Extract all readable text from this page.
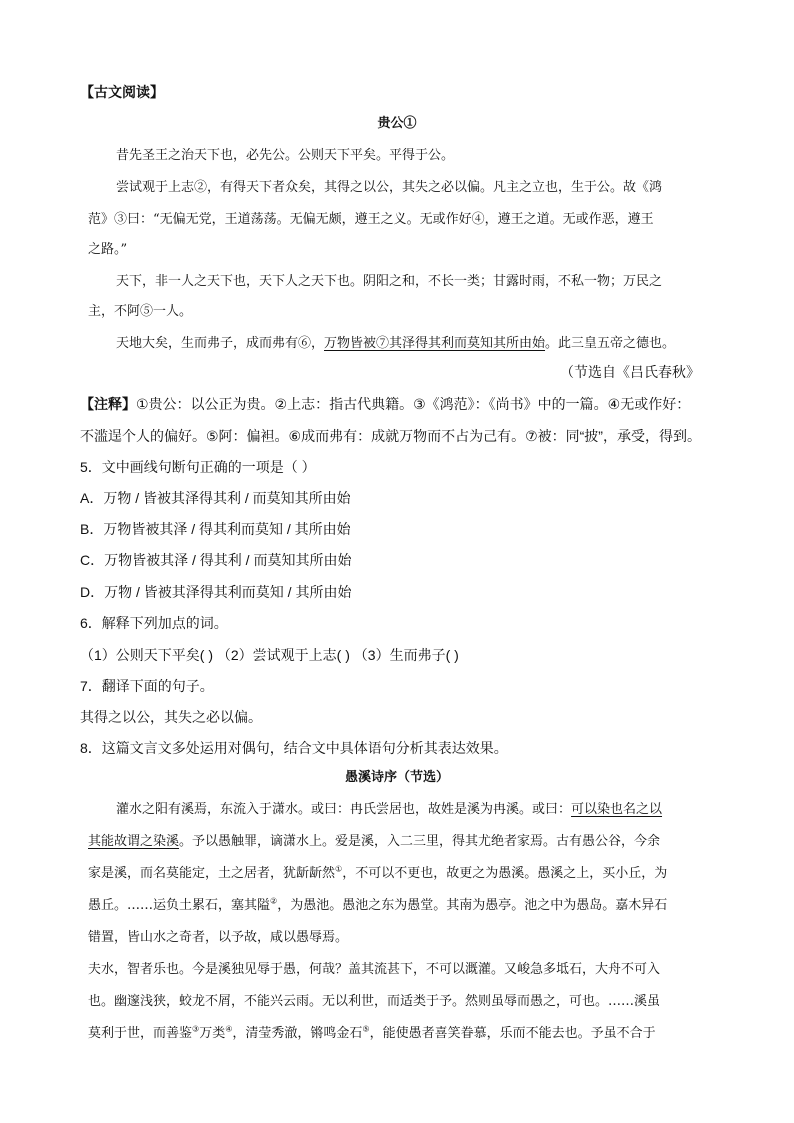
【古文阅读】
贵公①
昔先圣王之治天下也，必先公。公则天下平矣。平得于公。
尝试观于上志②，有得天下者众矣，其得之以公，其失之必以偏。凡主之立也，生于公。故《鸿
范》③曰：“无偏无党，王道荡荡。无偏无颇，遵王之义。无或作好④，遵王之道。无或作恶，遵王
之路。”
天下，非一人之天下也，天下人之天下也。阴阳之和，不长一类；甘露时雨，不私一物；万民之
主，不阿⑤一人。
天地大矣，生而弗子，成而弗有⑥，万物皆被⑦其泽得其利而莫知其所由始。此三皇五帝之德也。
（节选自《吕氏春秋》
【注释】①贵公：以公正为贵。②上志：指古代典籍。③《鸿范》：《尚书》中的一篇。④无或作好：
不滥逞个人的偏好。⑤阿：偏袒。⑥成而弗有：成就万物而不占为己有。⑦被：同“披”，承受，得到。
5．文中画线句断句正确的一项是（ ）
A．万物 / 皆被其泽得其利 / 而莫知其所由始
B．万物皆被其泽 / 得其利而莫知 / 其所由始
C．万物皆被其泽 / 得其利 / 而莫知其所由始
D．万物 / 皆被其泽得其利而莫知 / 其所由始
6．解释下列加点的词。
（1）公则天下平矣( ) （2）尝试观于上志( ) （3）生而弗子( )
7．翻译下面的句子。
其得之以公，其失之必以偏。
8．这篇文言文多处运用对偶句，结合文中具体语句分析其表达效果。
愚溪诗序（节选）
灌水之阳有溪焉，东流入于潇水。或曰：冉氏尝居也，故姓是溪为冉溪。或曰：可以染也名之以
其能故谓之染溪。予以愚触罪，谪潇水上。爱是溪，入二三里，得其尤绝者家焉。古有愚公谷，今余
家是溪，而名莫能定，土之居者，犹龂龂然①，不可以不更也，故更之为愚溪。愚溪之上，买小丘，为
愚丘。……运负土累石，塞其隘②，为愚池。愚池之东为愚堂。其南为愚亭。池之中为愚岛。嘉木异石
错置，皆山水之奇者，以予故，咸以愚辱焉。
夫水，智者乐也。今是溪独见辱于愚，何哉？盖其流甚下，不可以溉灌。又峻急多坻石，大舟不可入
也。幽邃浅狭，蛟龙不屑，不能兴云雨。无以利世，而适类于予。然则虽辱而愚之，可也。……溪虽
莫利于世，而善鉴③万类④，清莹秀澈，锵鸣金石⑤，能使愚者喜笑眷慕，乐而不能去也。予虽不合于
